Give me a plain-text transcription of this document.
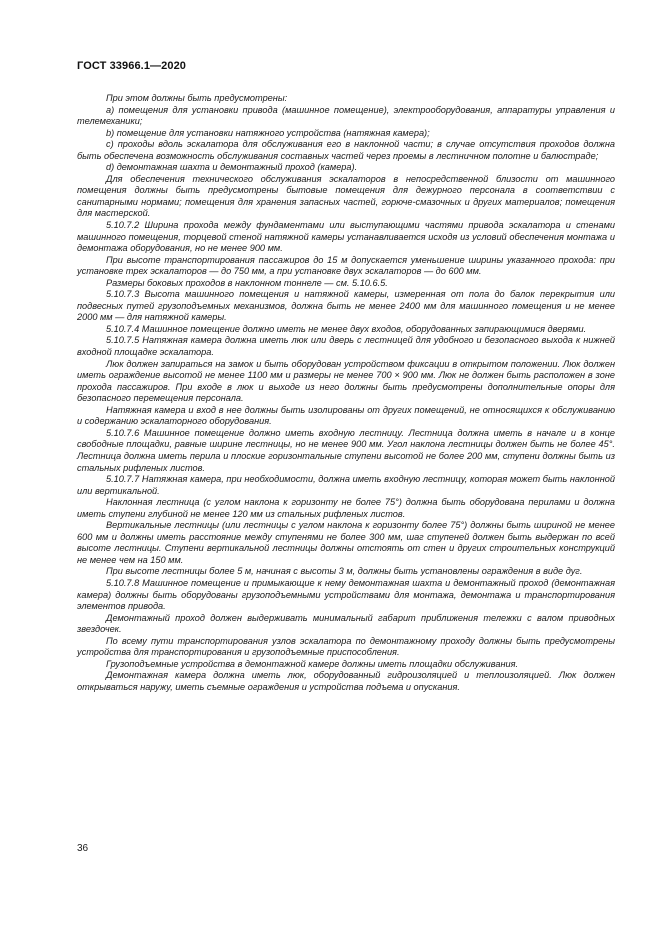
ГОСТ 33966.1—2020

При этом должны быть предусмотрены:

а) помещения для установки привода (машинное помещение), электрооборудования, аппаратуры управления и телемеханики;

b) помещение для установки натяжного устройства (натяжная камера);

c) проходы вдоль эскалатора для обслуживания его в наклонной части; в случае отсутствия проходов должна быть обеспечена возможность обслуживания составных частей через проемы в лестничном полотне и балюстраде;

d) демонтажная шахта и демонтажный проход (камера).

Для обеспечения технического обслуживания эскалаторов в непосредственной близости от машинного помещения должны быть предусмотрены бытовые помещения для дежурного персонала в соответствии с санитарными нормами; помещения для хранения запасных частей, горюче-смазочных и других материалов; помещения для мастерской.

5.10.7.2 Ширина прохода между фундаментами или выступающими частями привода эскалатора и стенами машинного помещения, торцевой стеной натяжной камеры устанавливается исходя из условий обеспечения монтажа и демонтажа оборудования, но не менее 900 мм.

При высоте транспортирования пассажиров до 15 м допускается уменьшение ширины указанного прохода: при установке трех эскалаторов — до 750 мм, а при установке двух эскалаторов — до 600 мм.

Размеры боковых проходов в наклонном тоннеле — см. 5.10.6.5.

5.10.7.3 Высота машинного помещения и натяжной камеры, измеренная от пола до балок перекрытия или подвесных путей грузоподъемных механизмов, должна быть не менее 2400 мм для машинного помещения и не менее 2000 мм — для натяжной камеры.

5.10.7.4 Машинное помещение должно иметь не менее двух входов, оборудованных запирающимися дверями.

5.10.7.5 Натяжная камера должна иметь люк или дверь с лестницей для удобного и безопасного выхода к нижней входной площадке эскалатора.

Люк должен запираться на замок и быть оборудован устройством фиксации в открытом положении. Люк должен иметь ограждение высотой не менее 1100 мм и размеры не менее 700 × 900 мм. Люк не должен быть расположен в зоне прохода пассажиров. При входе в люк и выходе из него должны быть предусмотрены дополнительные опоры для безопасного перемещения персонала.

Натяжная камера и вход в нее должны быть изолированы от других помещений, не относящихся к обслуживанию и содержанию эскалаторного оборудования.

5.10.7.6 Машинное помещение должно иметь входную лестницу. Лестница должна иметь в начале и в конце свободные площадки, равные ширине лестницы, но не менее 900 мм. Угол наклона лестницы должен быть не более 45°. Лестница должна иметь перила и плоские горизонтальные ступени высотой не более 200 мм, ступени должны быть из стальных рифленых листов.

5.10.7.7 Натяжная камера, при необходимости, должна иметь входную лестницу, которая может быть наклонной или вертикальной.

Наклонная лестница (с углом наклона к горизонту не более 75°) должна быть оборудована перилами и должна иметь ступени глубиной не менее 120 мм из стальных рифленых листов.

Вертикальные лестницы (или лестницы с углом наклона к горизонту более 75°) должны быть шириной не менее 600 мм и должны иметь расстояние между ступенями не более 300 мм, шаг ступеней должен быть выдержан по всей высоте лестницы. Ступени вертикальной лестницы должны отстоять от стен и других строительных конструкций не менее чем на 150 мм.

При высоте лестницы более 5 м, начиная с высоты 3 м, должны быть установлены ограждения в виде дуг.

5.10.7.8 Машинное помещение и примыкающие к нему демонтажная шахта и демонтажный проход (демонтажная камера) должны быть оборудованы грузоподъемными устройствами для монтажа, демонтажа и транспортирования элементов привода.

Демонтажный проход должен выдерживать минимальный габарит приближения тележки с валом приводных звездочек.

По всему пути транспортирования узлов эскалатора по демонтажному проходу должны быть предусмотрены устройства для транспортирования и грузоподъемные приспособления.

Грузоподъемные устройства в демонтажной камере должны иметь площадки обслуживания.

Демонтажная камера должна иметь люк, оборудованный гидроизоляцией и теплоизоляцией. Люк должен открываться наружу, иметь съемные ограждения и устройства подъема и опускания.

36
